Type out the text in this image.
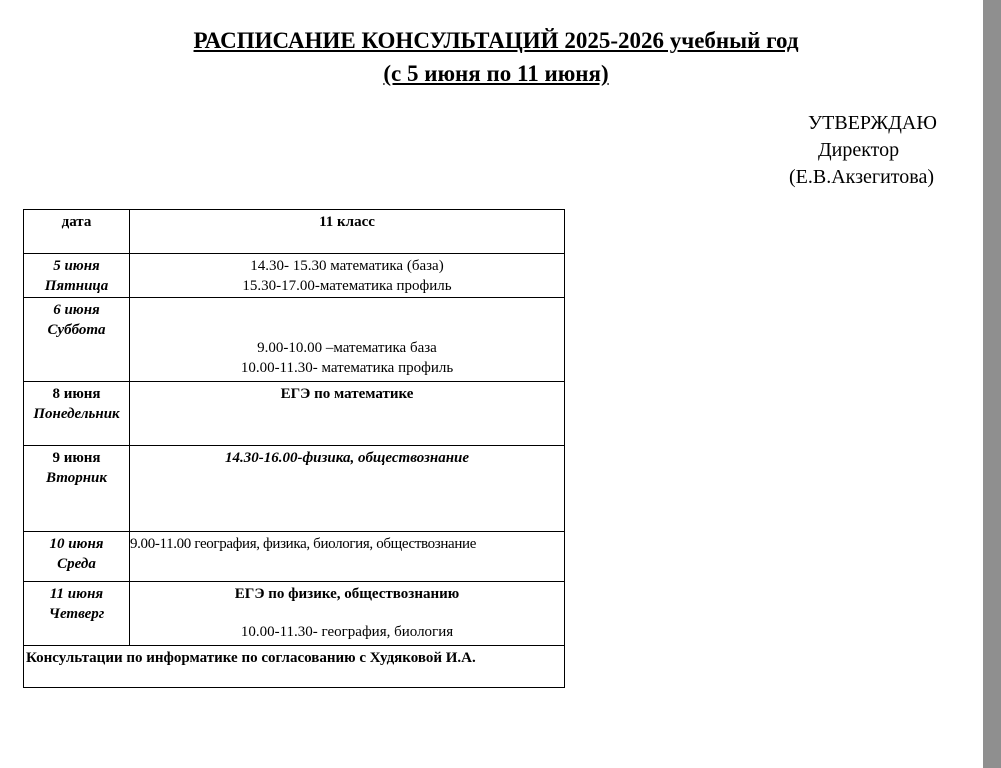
РАСПИСАНИЕ КОНСУЛЬТАЦИЙ 2025-2026 учебный год
(с 5 июня по 11 июня)
УТВЕРЖДАЮ
Директор
(Е.В.Акзегитова)
дата	11 класс

5 июня
Пятница	14.30- 15.30 математика (база)
15.30-17.00-математика профиль

6 июня
Суббота	9.00-10.00 –математика база
10.00-11.30- математика профиль

8 июня
Понедельник	ЕГЭ по математике

9 июня
Вторник	14.30-16.00-физика, обществознание

10 июня
Среда	9.00-11.00 география, физика, биология, обществознание

11 июня
Четверг	ЕГЭ по физике, обществознанию
10.00-11.30- география, биология

Консультации по информатике по согласованию с Худяковой И.А.	
